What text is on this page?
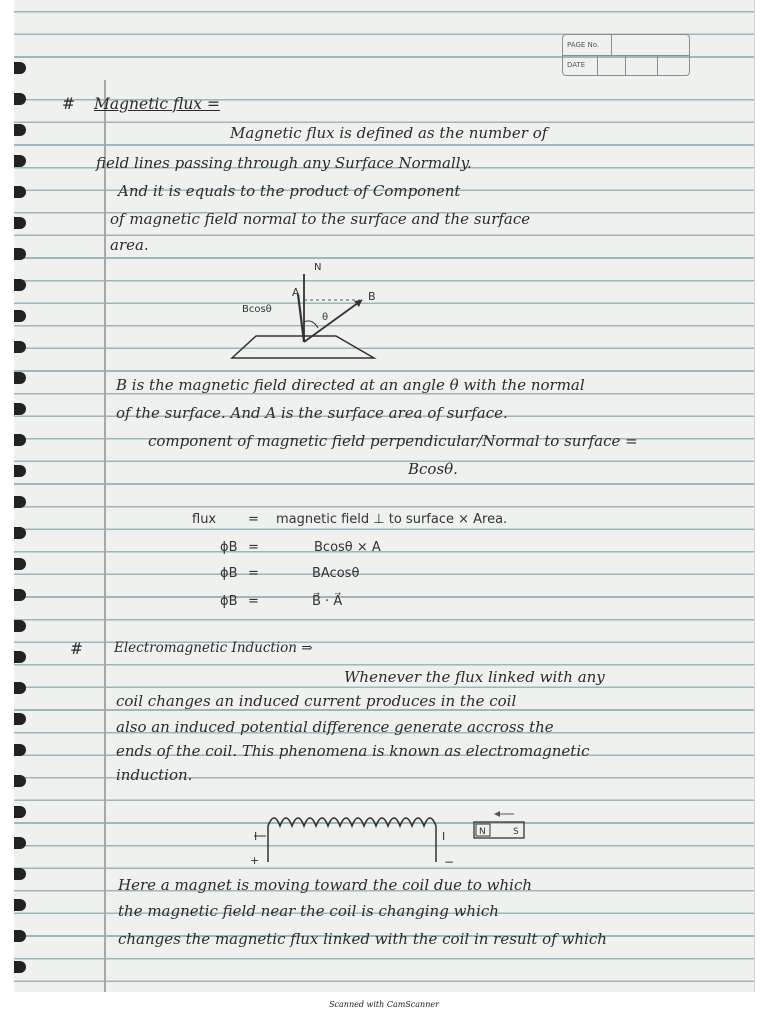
PAGE No.
DATE
# Magnetic flux =
Magnetic flux is defined as the number of
field lines passing through any Surface Normally.
And it is equals to the product of Component
of magnetic field normal to the surface and the surface
area.
N
A	B
θ
Bcosθ
B is the magnetic field directed at an angle θ with the normal
of the surface. And A is the surface area of surface.
component of magnetic field perpendicular/Normal to surface =
Bcosθ.
flux = magnetic field ⊥ to surface × Area.
ϕB =	Bcosθ × A
ϕB =	BAcosθ
ϕB =	B⃗ · A⃗
# Electromagnetic Induction ⇒
Whenever the flux linked with any
coil changes an induced current produces in the coil
also an induced potential difference generate accross the
ends of the coil. This phenomena is known as electromagnetic
induction.
I	I
+	−
N	S
Here a magnet is moving toward the coil due to which
the magnetic field near the coil is changing which
changes the magnetic flux linked with the coil in result of which
Scanned with CamScanner
